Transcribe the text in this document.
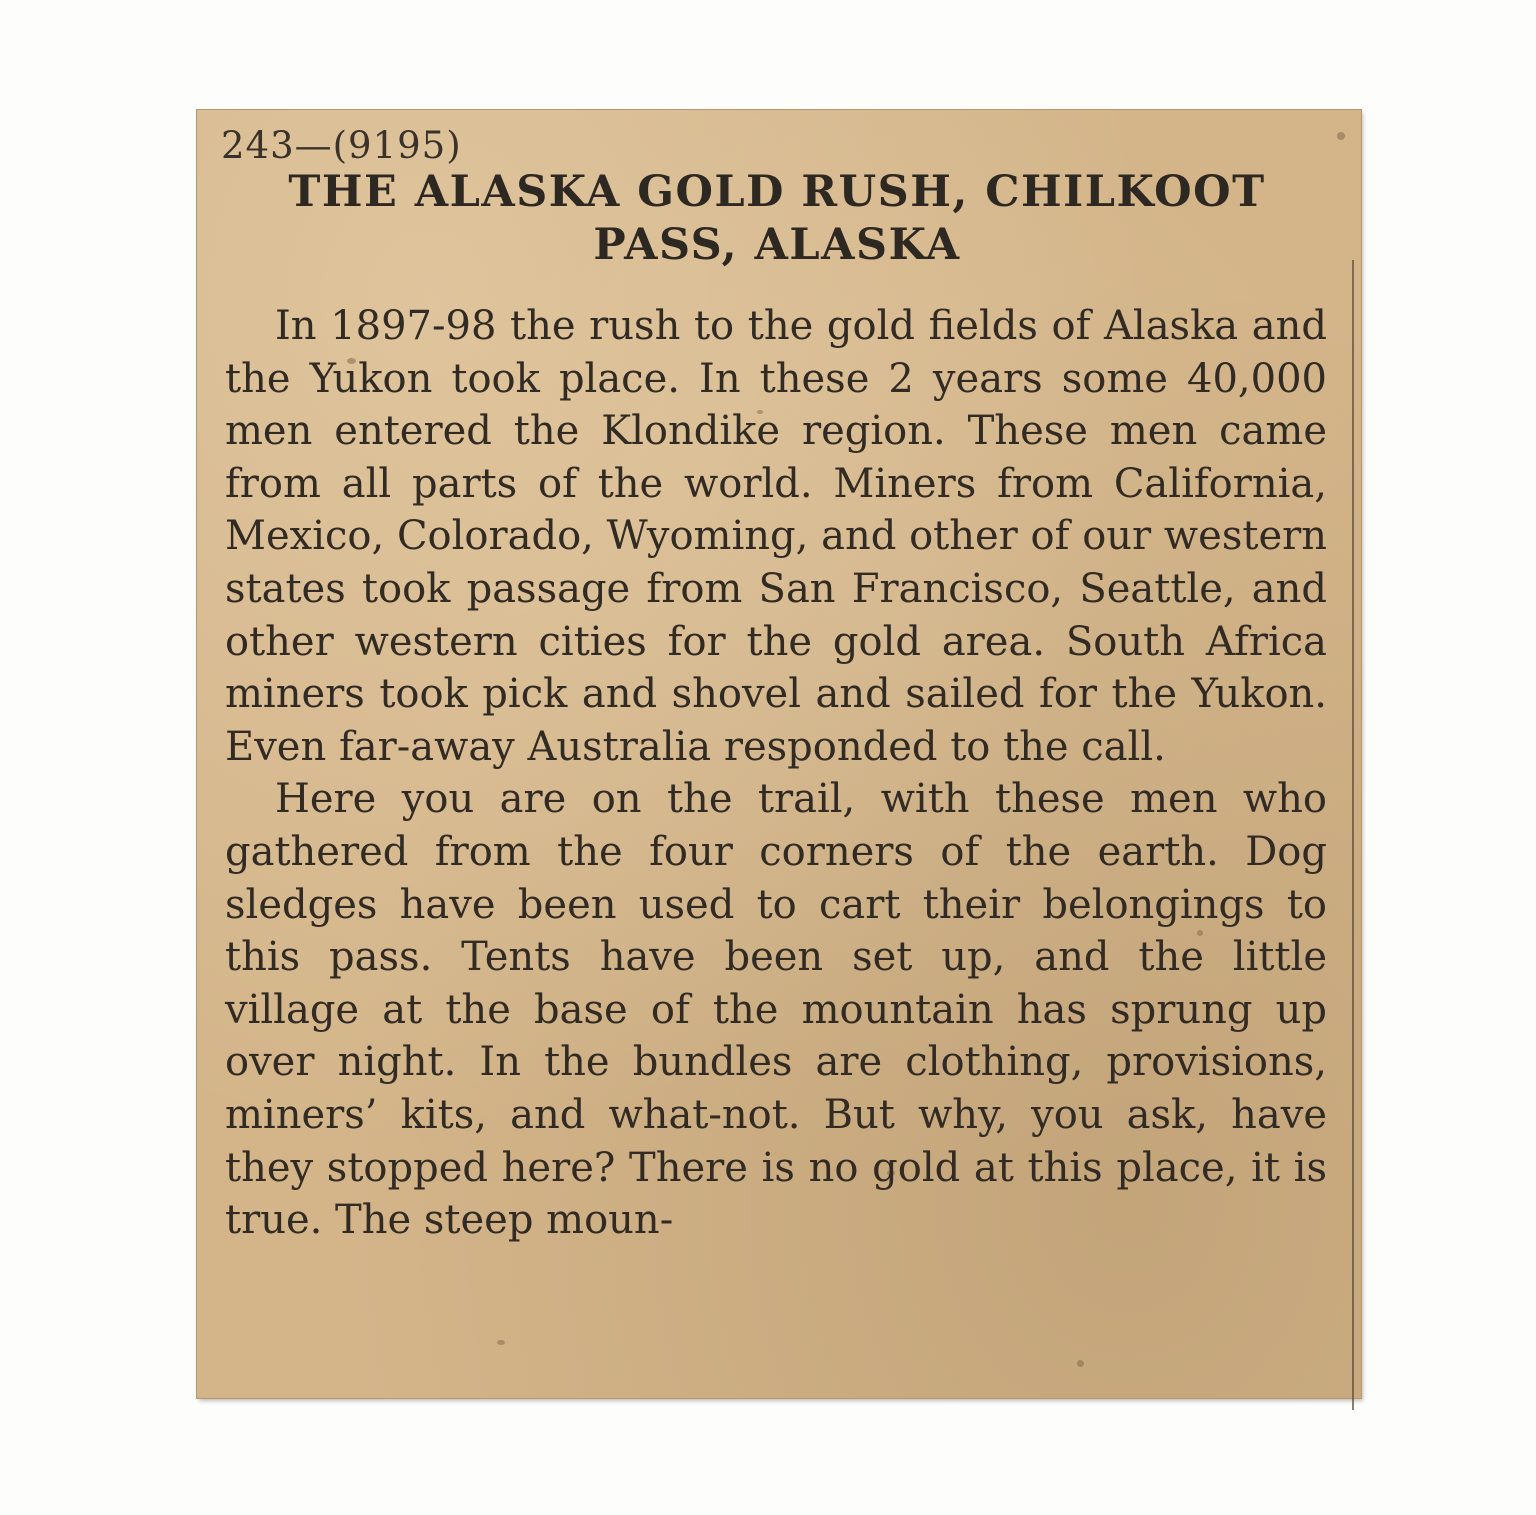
243—(9195)
THE ALASKA GOLD RUSH, CHILKOOT PASS, ALASKA

In 1897-98 the rush to the gold fields of Alaska and the Yukon took place. In these 2 years some 40,000 men entered the Klondike region. These men came from all parts of the world. Miners from California, Mexico, Colorado, Wyoming, and other of our western states took passage from San Francisco, Seattle, and other western cities for the gold area. South Africa miners took pick and shovel and sailed for the Yukon. Even far-away Australia responded to the call.

Here you are on the trail, with these men who gathered from the four corners of the earth. Dog sledges have been used to cart their belongings to this pass. Tents have been set up, and the little village at the base of the mountain has sprung up over night. In the bundles are clothing, provisions, miners’ kits, and what-not. But why, you ask, have they stopped here? There is no gold at this place, it is true. The steep moun-
